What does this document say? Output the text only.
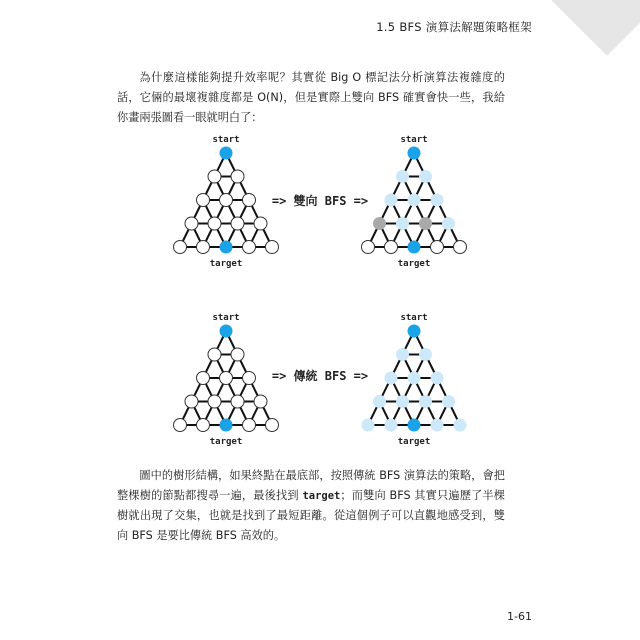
1.5 BFS 演算法解題策略框架

為什麼這樣能夠提升效率呢？其實從 Big O 標記法分析演算法複雜度的話，它倆的最壞複雜度都是 O(N)，但是實際上雙向 BFS 確實會快一些，我給你畫兩張圖看一眼就明白了：

start
target
=> 雙向 BFS =>
start
target
start
target
=> 傳統 BFS =>
start
target

圖中的樹形結構，如果終點在最底部，按照傳統 BFS 演算法的策略，會把整棵樹的節點都搜尋一遍，最後找到 target；而雙向 BFS 其實只遍歷了半棵樹就出現了交集，也就是找到了最短距離。從這個例子可以直觀地感受到，雙向 BFS 是要比傳統 BFS 高效的。

1-61
